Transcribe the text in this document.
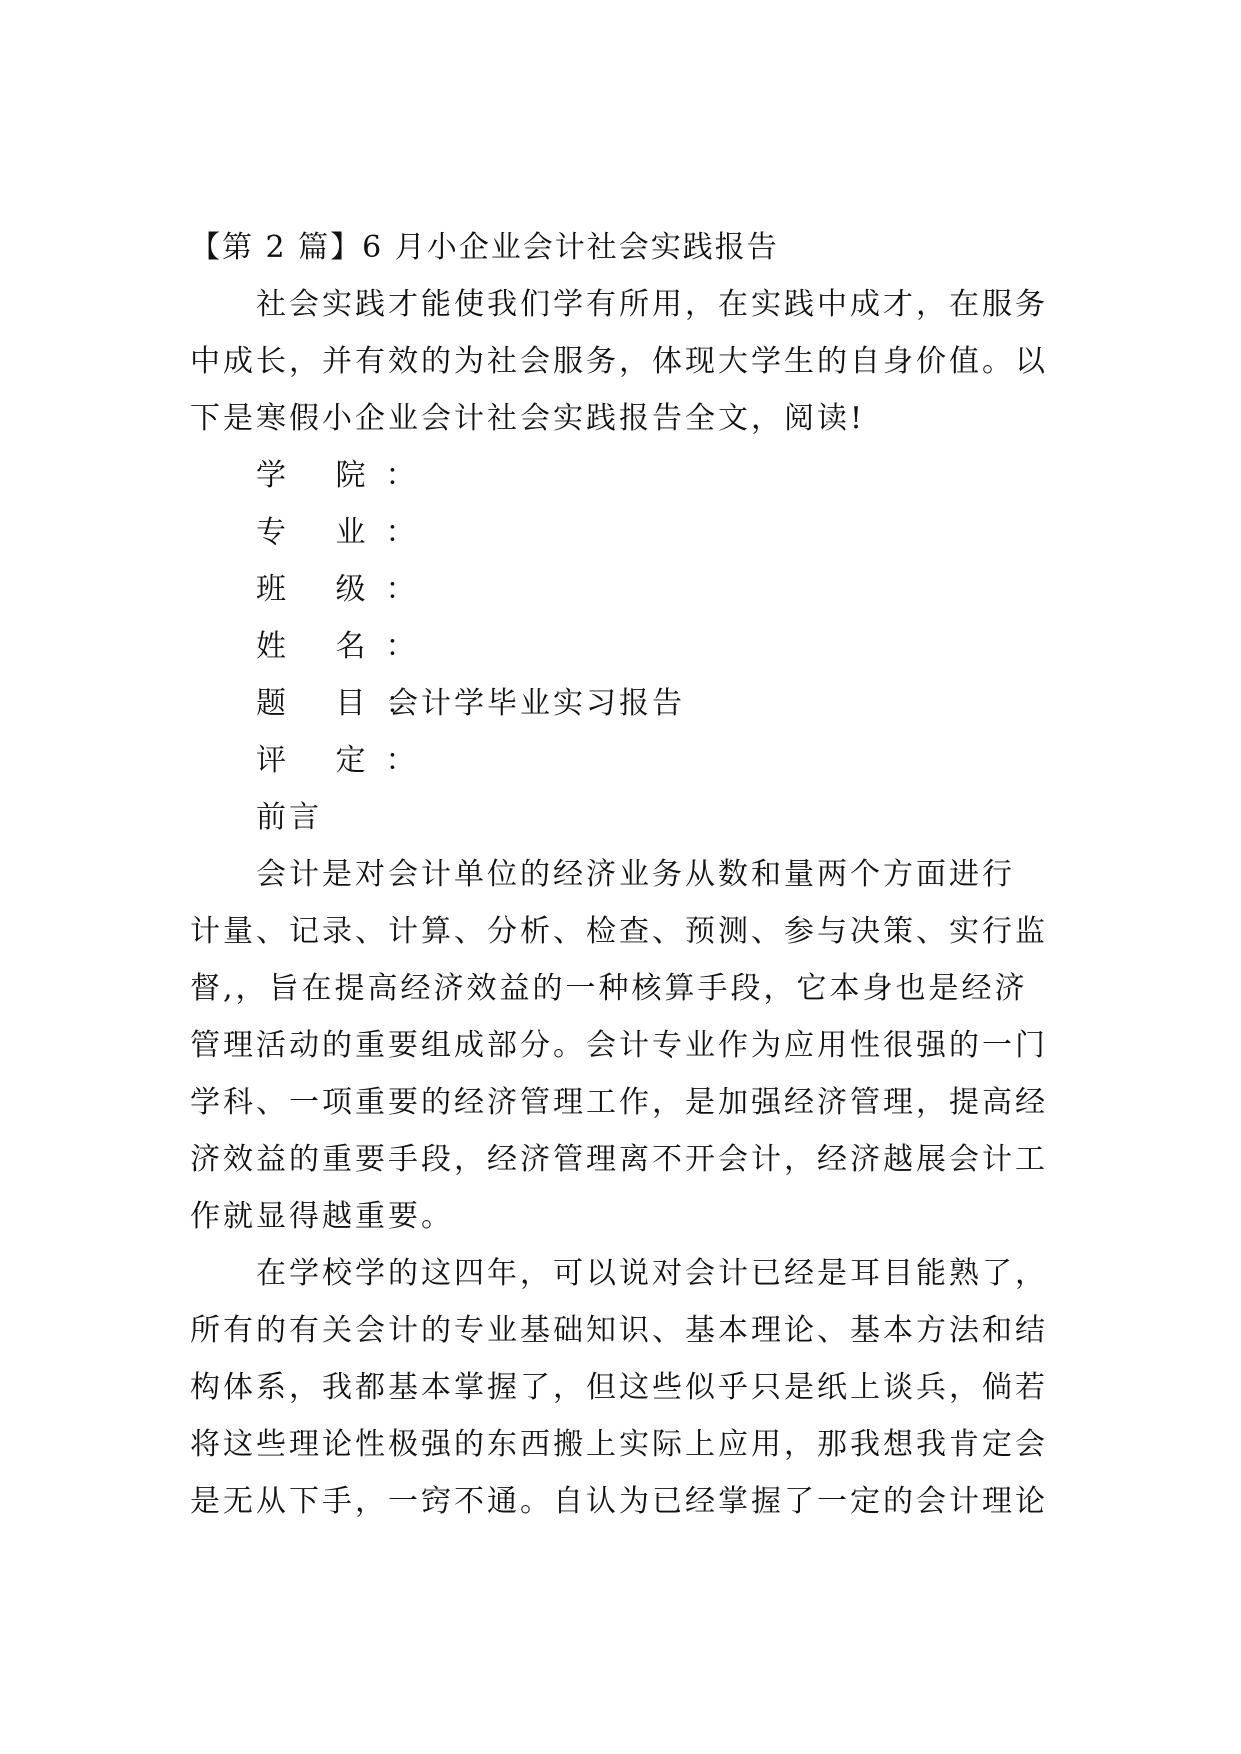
【第 2 篇】6 月小企业会计社会实践报告
社会实践才能使我们学有所用，在实践中成才，在服务
中成长，并有效的为社会服务，体现大学生的自身价值。以
下是寒假小企业会计社会实践报告全文，阅读!
学 院：
专 业：
班 级：
姓 名：
题 目：
会计学毕业实习报告
评 定：
前言
会计是对会计单位的经济业务从数和量两个方面进行
计量、记录、计算、分析、检查、预测、参与决策、实行监
督,，旨在提高经济效益的一种核算手段，它本身也是经济
管理活动的重要组成部分。会计专业作为应用性很强的一门
学科、一项重要的经济管理工作，是加强经济管理，提高经
济效益的重要手段，经济管理离不开会计，经济越展会计工
作就显得越重要。
在学校学的这四年，可以说对会计已经是耳目能熟了，
所有的有关会计的专业基础知识、基本理论、基本方法和结
构体系，我都基本掌握了，但这些似乎只是纸上谈兵，倘若
将这些理论性极强的东西搬上实际上应用，那我想我肯定会
是无从下手，一窍不通。自认为已经掌握了一定的会计理论
